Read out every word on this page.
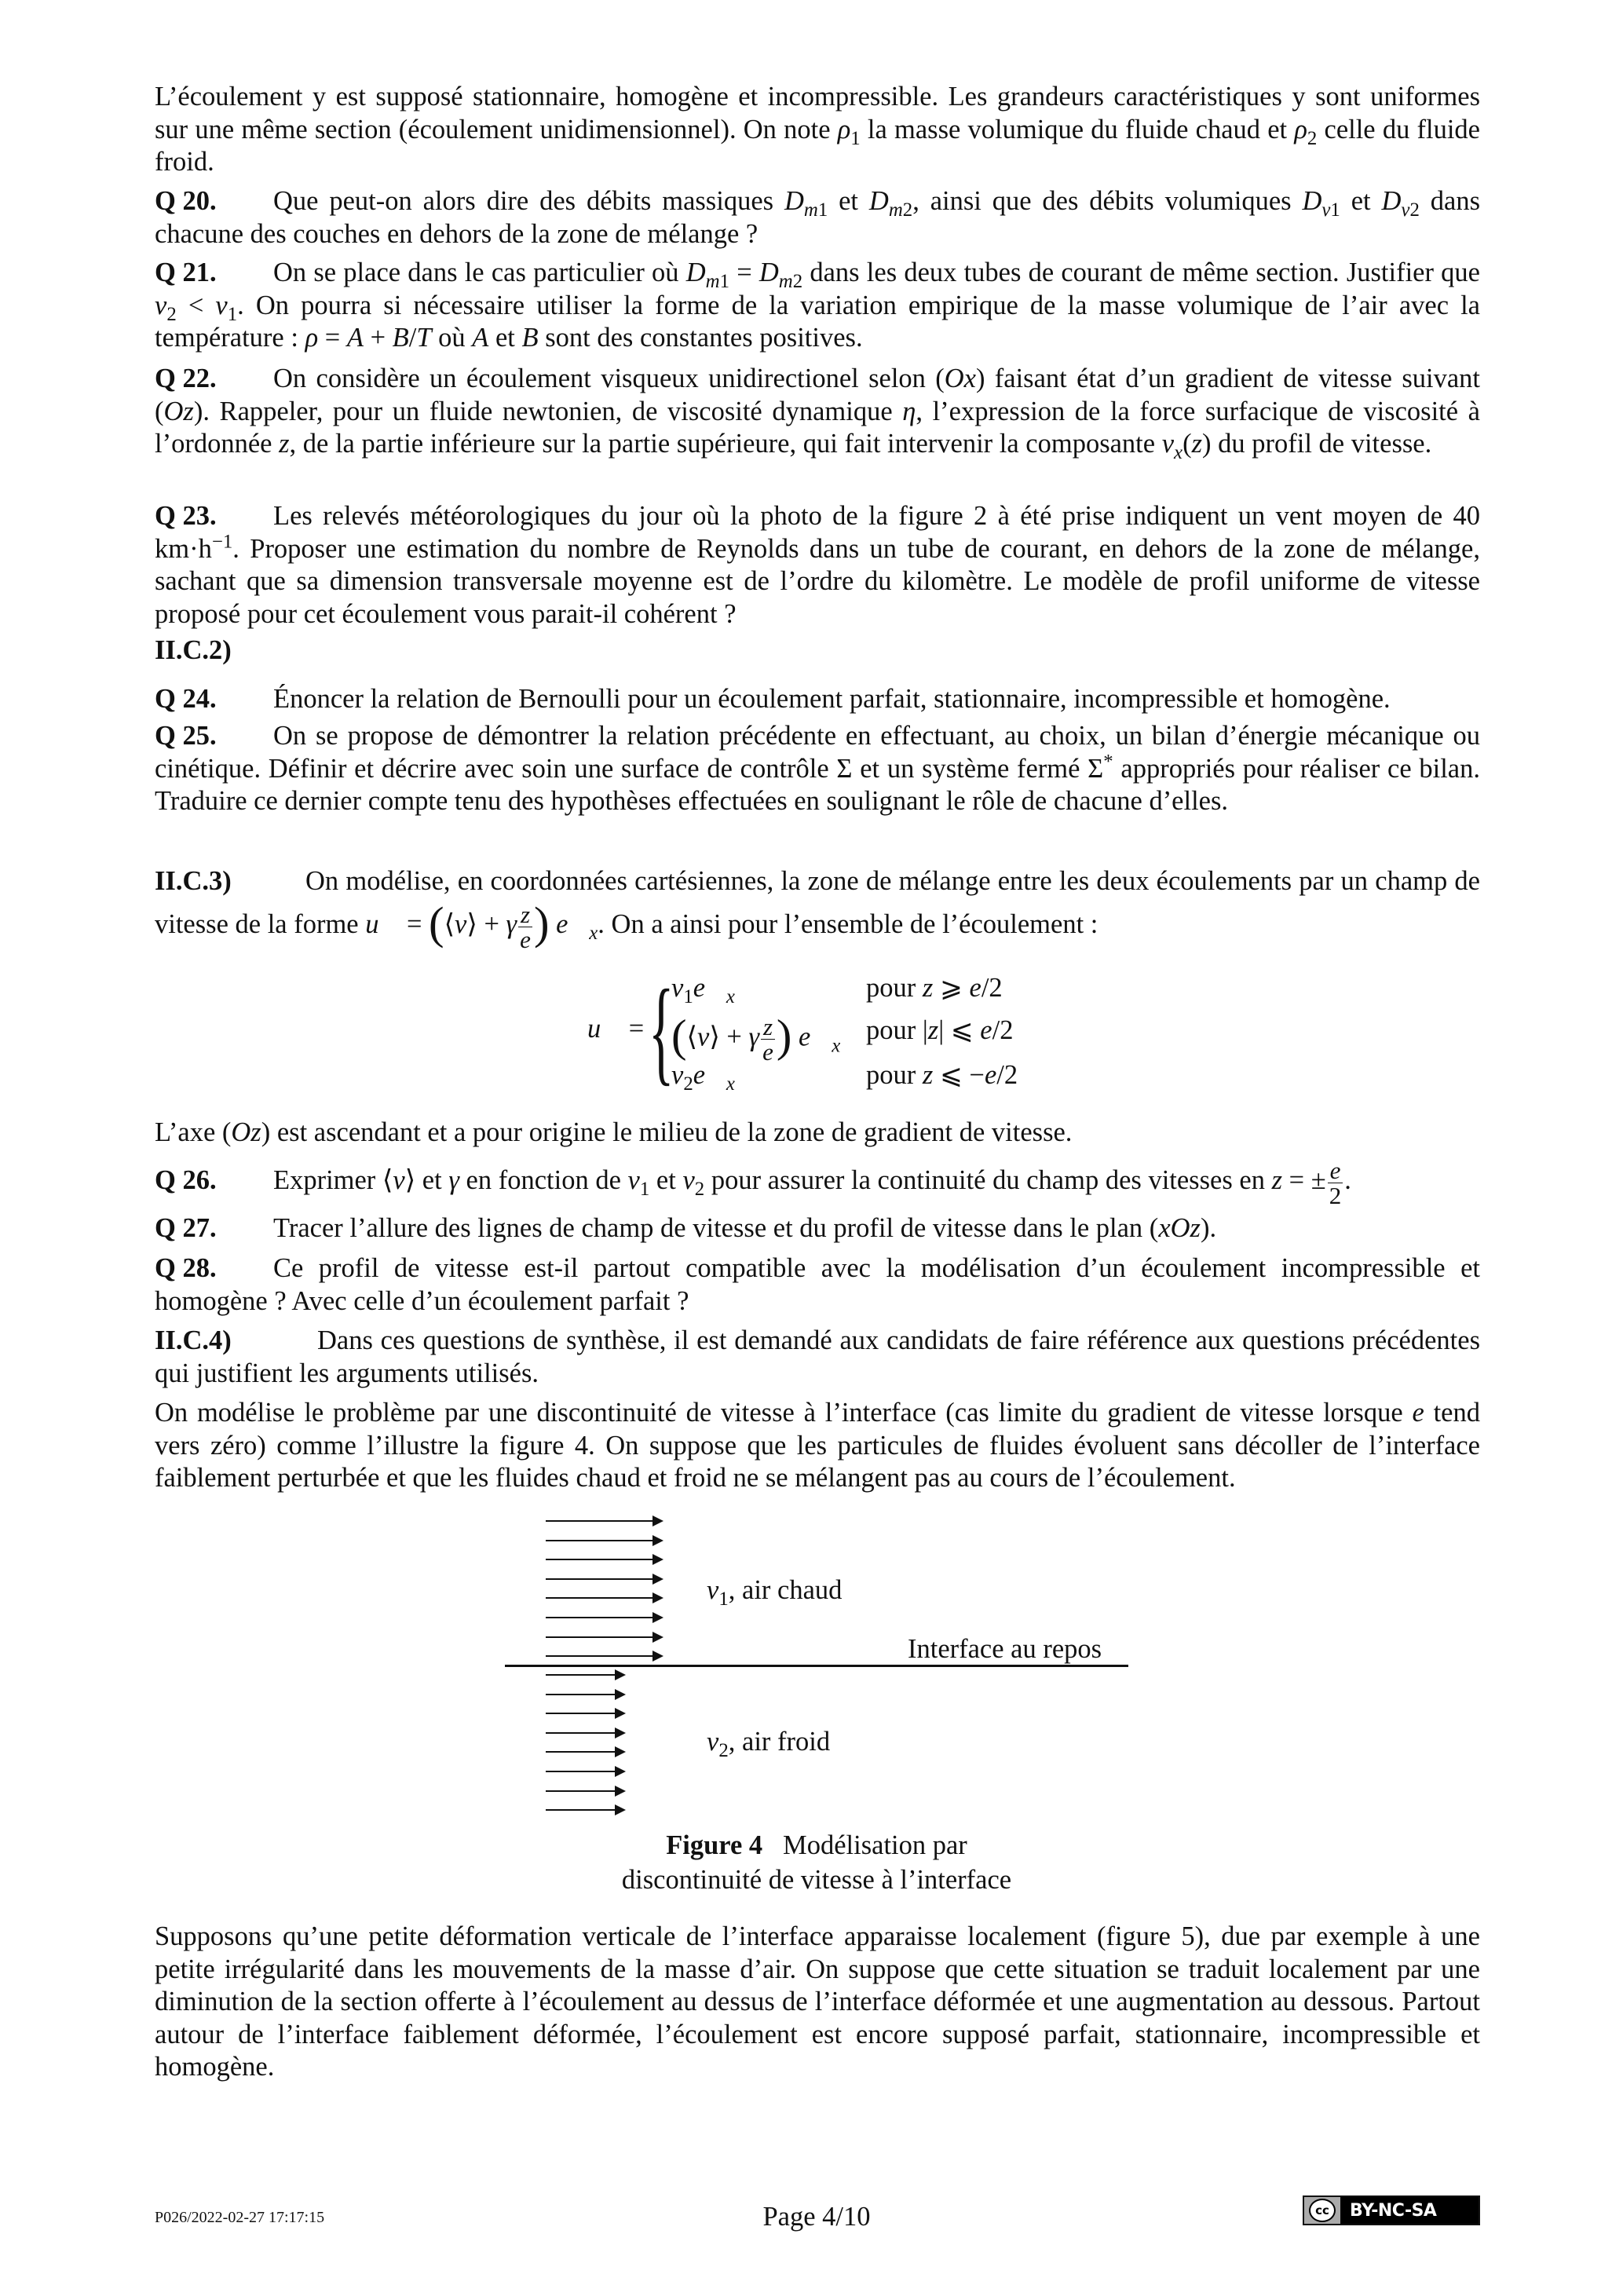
L’écoulement y est supposé stationnaire, homogène et incompressible. Les grandeurs caractéristiques y sont uniformes sur une même section (écoulement unidimensionnel). On note $\rho_1$ la masse volumique du fluide chaud et $\rho_2$ celle du fluide froid.
Q 20. Que peut-on alors dire des débits massiques $D_{m1}$ et $D_{m2}$, ainsi que des débits volumiques $D_{v1}$ et $D_{v2}$ dans chacune des couches en dehors de la zone de mélange ?
Q 21. On se place dans le cas particulier où $D_{m1} = D_{m2}$ dans les deux tubes de courant de même section. Justifier que $v_2 < v_1$. On pourra si nécessaire utiliser la forme de la variation empirique de la masse volumique de l’air avec la température : ρ = A + B/T où A et B sont des constantes positives.
Q 22. On considère un écoulement visqueux unidirectionel selon (Ox) faisant état d’un gradient de vitesse suivant (Oz). Rappeler, pour un fluide newtonien, de viscosité dynamique η, l’expression de la force surfacique de viscosité à l’ordonnée z, de la partie inférieure sur la partie supérieure, qui fait intervenir la composante $v_x(z)$ du profil de vitesse.
Q 23. Les relevés météorologiques du jour où la photo de la figure 2 à été prise indiquent un vent moyen de 40 $km\cdot h^{-1}$. Proposer une estimation du nombre de Reynolds dans un tube de courant, en dehors de la zone de mélange, sachant que sa dimension transversale moyenne est de l’ordre du kilomètre. Le modèle de profil uniforme de vitesse proposé pour cet écoulement vous parait-il cohérent ?
II.C.2)
Q 24. Énoncer la relation de Bernoulli pour un écoulement parfait, stationnaire, incompressible et homogène.
Q 25. On se propose de démontrer la relation précédente en effectuant, au choix, un bilan d’énergie mécanique ou cinétique. Définir et décrire avec soin une surface de contrôle Σ et un système fermé Σ* appropriés pour réaliser ce bilan. Traduire ce dernier compte tenu des hypothèses effectuées en soulignant le rôle de chacune d’elles.
II.C.3)	On modélise, en coordonnées cartésiennes, la zone de mélange entre les deux écoulements par un champ de vitesse de la forme u⃗ = (⟨v⟩ + γ $\frac{z}{e}$ ) $e⃗_x$. On a ainsi pour l’ensemble de l’écoulement :
u⃗ = {
$v_1e⃗_x$	pour z ⩾ e/2
(⟨v⟩ + γ $\frac{z}{e}$ ) $e⃗_x$
pour |z| ⩽ e/2
$v_2e⃗_x$	pour z ⩽ −e/2
L’axe (Oz) est ascendant et a pour origine le milieu de la zone de gradient de vitesse.
Q 26. Exprimer ⟨v⟩ et γ en fonction de $v_1$ et $v_2$ pour assurer la continuité du champ des vitesses en z = ± $\frac{e}{2}$ .
Q 27. Tracer l’allure des lignes de champ de vitesse et du profil de vitesse dans le plan (xOz).
Q 28. Ce profil de vitesse est-il partout compatible avec la modélisation d’un écoulement incompressible et homogène ? Avec celle d’un écoulement parfait ?
II.C.4)	Dans ces questions de synthèse, il est demandé aux candidats de faire référence aux questions précédentes qui justifient les arguments utilisés.
On modélise le problème par une discontinuité de vitesse à l’interface (cas limite du gradient de vitesse lorsque e tend vers zéro) comme l’illustre la figure 4. On suppose que les particules de fluides évoluent sans décoller de l’interface faiblement perturbée et que les fluides chaud et froid ne se mélangent pas au cours de l’écoulement.
$v_1$, air chaud
Interface au repos
$v_2$, air froid
Figure 4 Modélisation par
discontinuité de vitesse à l’interface
Supposons qu’une petite déformation verticale de l’interface apparaisse localement (figure 5), due par exemple à une petite irrégularité dans les mouvements de la masse d’air. On suppose que cette situation se traduit localement par une diminution de la section offerte à l’écoulement au dessus de l’interface déformée et une augmentation au dessous. Partout autour de l’interface faiblement déformée, l’écoulement est encore supposé parfait, stationnaire, incompressible et homogène.
P026/2022-02-27 17:17:15	Page 4/10	cc	BY-NC-SA
